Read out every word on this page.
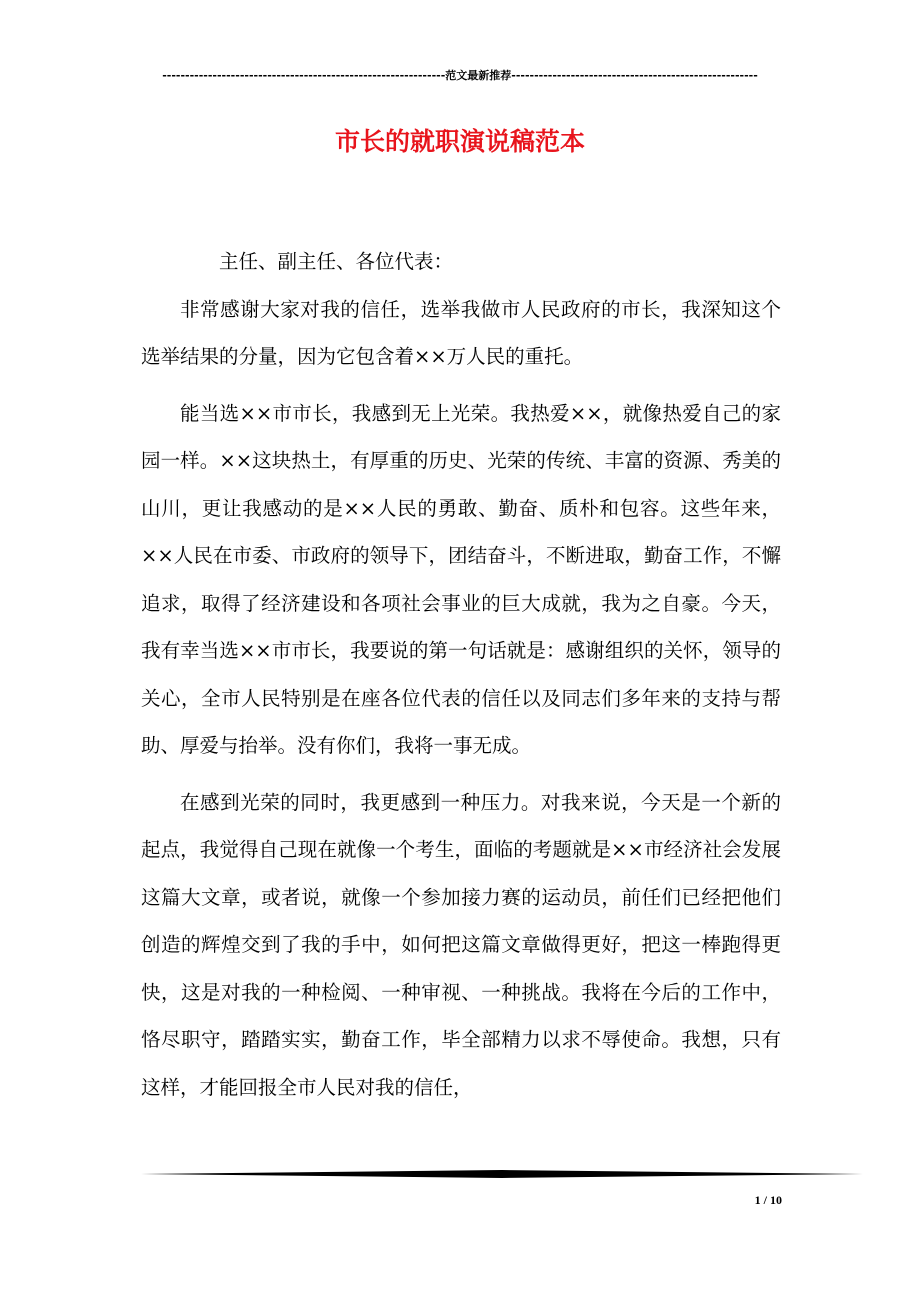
--------------------------------------------------------------范文最新推荐------------------------------------------------------
市长的就职演说稿范本

主任、副主任、各位代表：

非常感谢大家对我的信任，选举我做市人民政府的市长，我深知这个选举结果的分量，因为它包含着××万人民的重托。

能当选××市市长，我感到无上光荣。我热爱××，就像热爱自己的家园一样。××这块热土，有厚重的历史、光荣的传统、丰富的资源、秀美的山川，更让我感动的是××人民的勇敢、勤奋、质朴和包容。这些年来，××人民在市委、市政府的领导下，团结奋斗，不断进取，勤奋工作，不懈追求，取得了经济建设和各项社会事业的巨大成就，我为之自豪。今天，我有幸当选××市市长，我要说的第一句话就是：感谢组织的关怀，领导的关心，全市人民特别是在座各位代表的信任以及同志们多年来的支持与帮助、厚爱与抬举。没有你们，我将一事无成。

在感到光荣的同时，我更感到一种压力。对我来说，今天是一个新的起点，我觉得自己现在就像一个考生，面临的考题就是××市经济社会发展这篇大文章，或者说，就像一个参加接力赛的运动员，前任们已经把他们创造的辉煌交到了我的手中，如何把这篇文章做得更好，把这一棒跑得更快，这是对我的一种检阅、一种审视、一种挑战。我将在今后的工作中，恪尽职守，踏踏实实，勤奋工作，毕全部精力以求不辱使命。我想，只有这样，才能回报全市人民对我的信任，

1 / 10
